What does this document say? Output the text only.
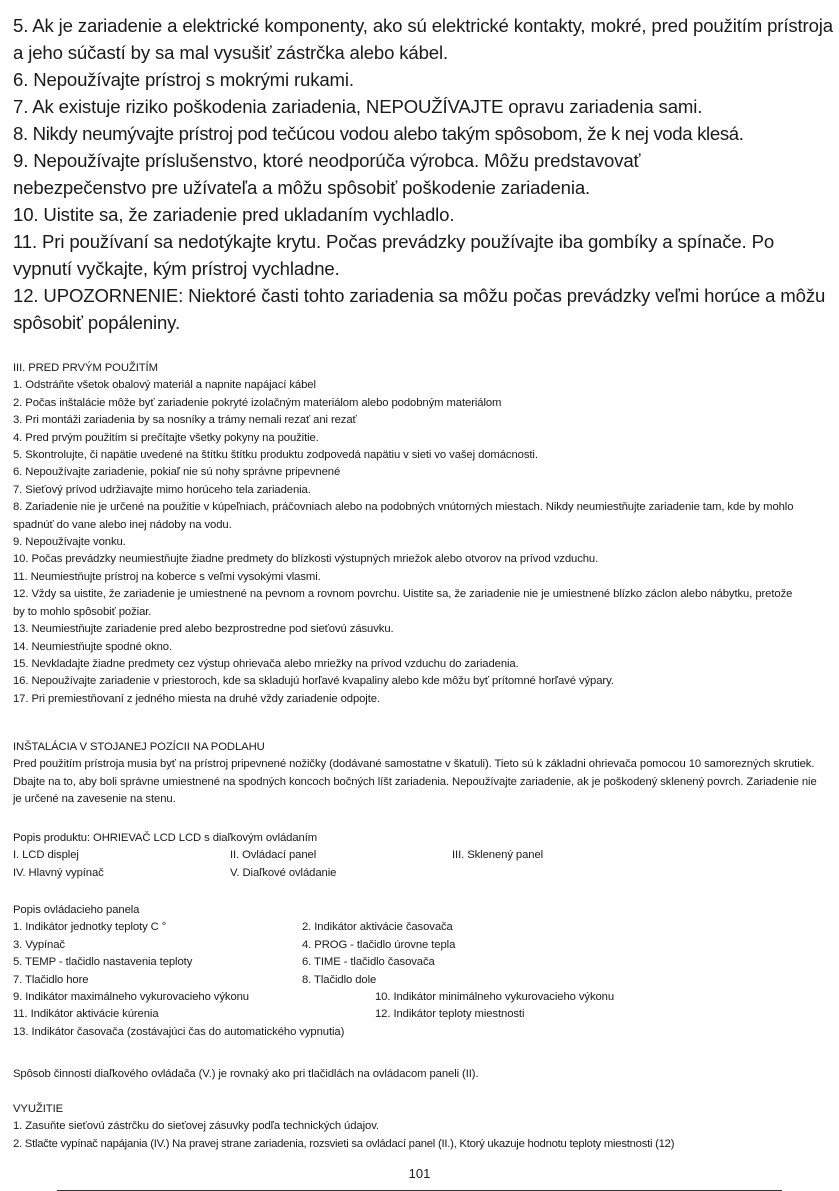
5. Ak je zariadenie a elektrické komponenty, ako sú elektrické kontakty, mokré, pred použitím prístroja a jeho súčastí by sa mal vysušiť zástrčka alebo kábel.

6. Nepoužívajte prístroj s mokrými rukami.

7. Ak existuje riziko poškodenia zariadenia, NEPOUŽÍVAJTE opravu zariadenia sami.

8. Nikdy neumývajte prístroj pod tečúcou vodou alebo takým spôsobom, že k nej voda klesá.

9. Nepoužívajte príslušenstvo, ktoré neodporúča výrobca. Môžu predstavovať nebezpečenstvo pre užívateľa a môžu spôsobiť poškodenie zariadenia.

10. Uistite sa, že zariadenie pred ukladaním vychladlo.

11. Pri používaní sa nedotýkajte krytu. Počas prevádzky používajte iba gombíky a spínače. Po vypnutí vyčkajte, kým prístroj vychladne.

12. UPOZORNENIE: Niektoré časti tohto zariadenia sa môžu počas prevádzky veľmi horúce a môžu spôsobiť popáleniny.

III. PRED PRVÝM POUŽITÍM

1. Odstráňte všetok obalový materiál a napnite napájací kábel

2. Počas inštalácie môže byť zariadenie pokryté izolačným materiálom alebo podobným materiálom

3. Pri montáži zariadenia by sa nosníky a trámy nemali rezať ani rezať

4. Pred prvým použitím si prečítajte všetky pokyny na použitie.

5. Skontrolujte, či napätie uvedené na štítku štítku produktu zodpovedá napätiu v sieti vo vašej domácnosti.

6. Nepoužívajte zariadenie, pokiaľ nie sú nohy správne pripevnené

7. Sieťový prívod udržiavajte mimo horúceho tela zariadenia.

8. Zariadenie nie je určené na použitie v kúpeľniach, práčovniach alebo na podobných vnútorných miestach. Nikdy neumiestňujte zariadenie tam, kde by mohlo spadnúť do vane alebo inej nádoby na vodu.

9. Nepoužívajte vonku.

10. Počas prevádzky neumiestňujte žiadne predmety do blízkosti výstupných mriežok alebo otvorov na prívod vzduchu.

11. Neumiestňujte prístroj na koberce s veľmi vysokými vlasmi.

12. Vždy sa uistite, že zariadenie je umiestnené na pevnom a rovnom povrchu. Uistite sa, že zariadenie nie je umiestnené blízko záclon alebo nábytku, pretože by to mohlo spôsobiť požiar.

13. Neumiestňujte zariadenie pred alebo bezprostredne pod sieťovú zásuvku.

14. Neumiestňujte spodné okno.

15. Nevkladajte žiadne predmety cez výstup ohrievača alebo mriežky na prívod vzduchu do zariadenia.

16. Nepoužívajte zariadenie v priestoroch, kde sa skladujú horľavé kvapaliny alebo kde môžu byť prítomné horľavé výpary.

17. Pri premiestňovaní z jedného miesta na druhé vždy zariadenie odpojte.

INŠTALÁCIA V STOJANEJ POZÍCII NA PODLAHU

Pred použitím prístroja musia byť na prístroj pripevnené nožičky (dodávané samostatne v škatuli). Tieto sú k základni ohrievača pomocou 10 samorezných skrutiek. Dbajte na to, aby boli správne umiestnené na spodných koncoch bočných líšt zariadenia. Nepoužívajte zariadenie, ak je poškodený sklenený povrch. Zariadenie nie je určené na zavesenie na stenu.

Popis produktu: OHRIEVAČ LCD LCD s diaľkovým ovládaním

I. LCD displej	II. Ovládací panel	III. Sklenený panel
IV. Hlavný vypínač	V. Diaľkové ovládanie

Popis ovládacieho panela

1. Indikátor jednotky teploty C °	2. Indikátor aktivácie časovača
3. Vypínač	4. PROG - tlačidlo úrovne tepla
5. TEMP - tlačidlo nastavenia teploty	6. TIME - tlačidlo časovača
7. Tlačidlo hore	8. Tlačidlo dole
9. Indikátor maximálneho vykurovacieho výkonu	10. Indikátor minimálneho vykurovacieho výkonu
11. Indikátor aktivácie kúrenia	12. Indikátor teploty miestnosti
13. Indikátor časovača (zostávajúci čas do automatického vypnutia)

Spôsob činnosti diaľkového ovládača (V.) je rovnaký ako pri tlačidlách na ovládacom paneli (II).

VYUŽITIE

1. Zasuňte sieťovú zástrčku do sieťovej zásuvky podľa technických údajov.

2. Stlačte vypínač napájania (IV.) Na pravej strane zariadenia, rozsvieti sa ovládací panel (II.), Ktorý ukazuje hodnotu teploty miestnosti (12)

101
